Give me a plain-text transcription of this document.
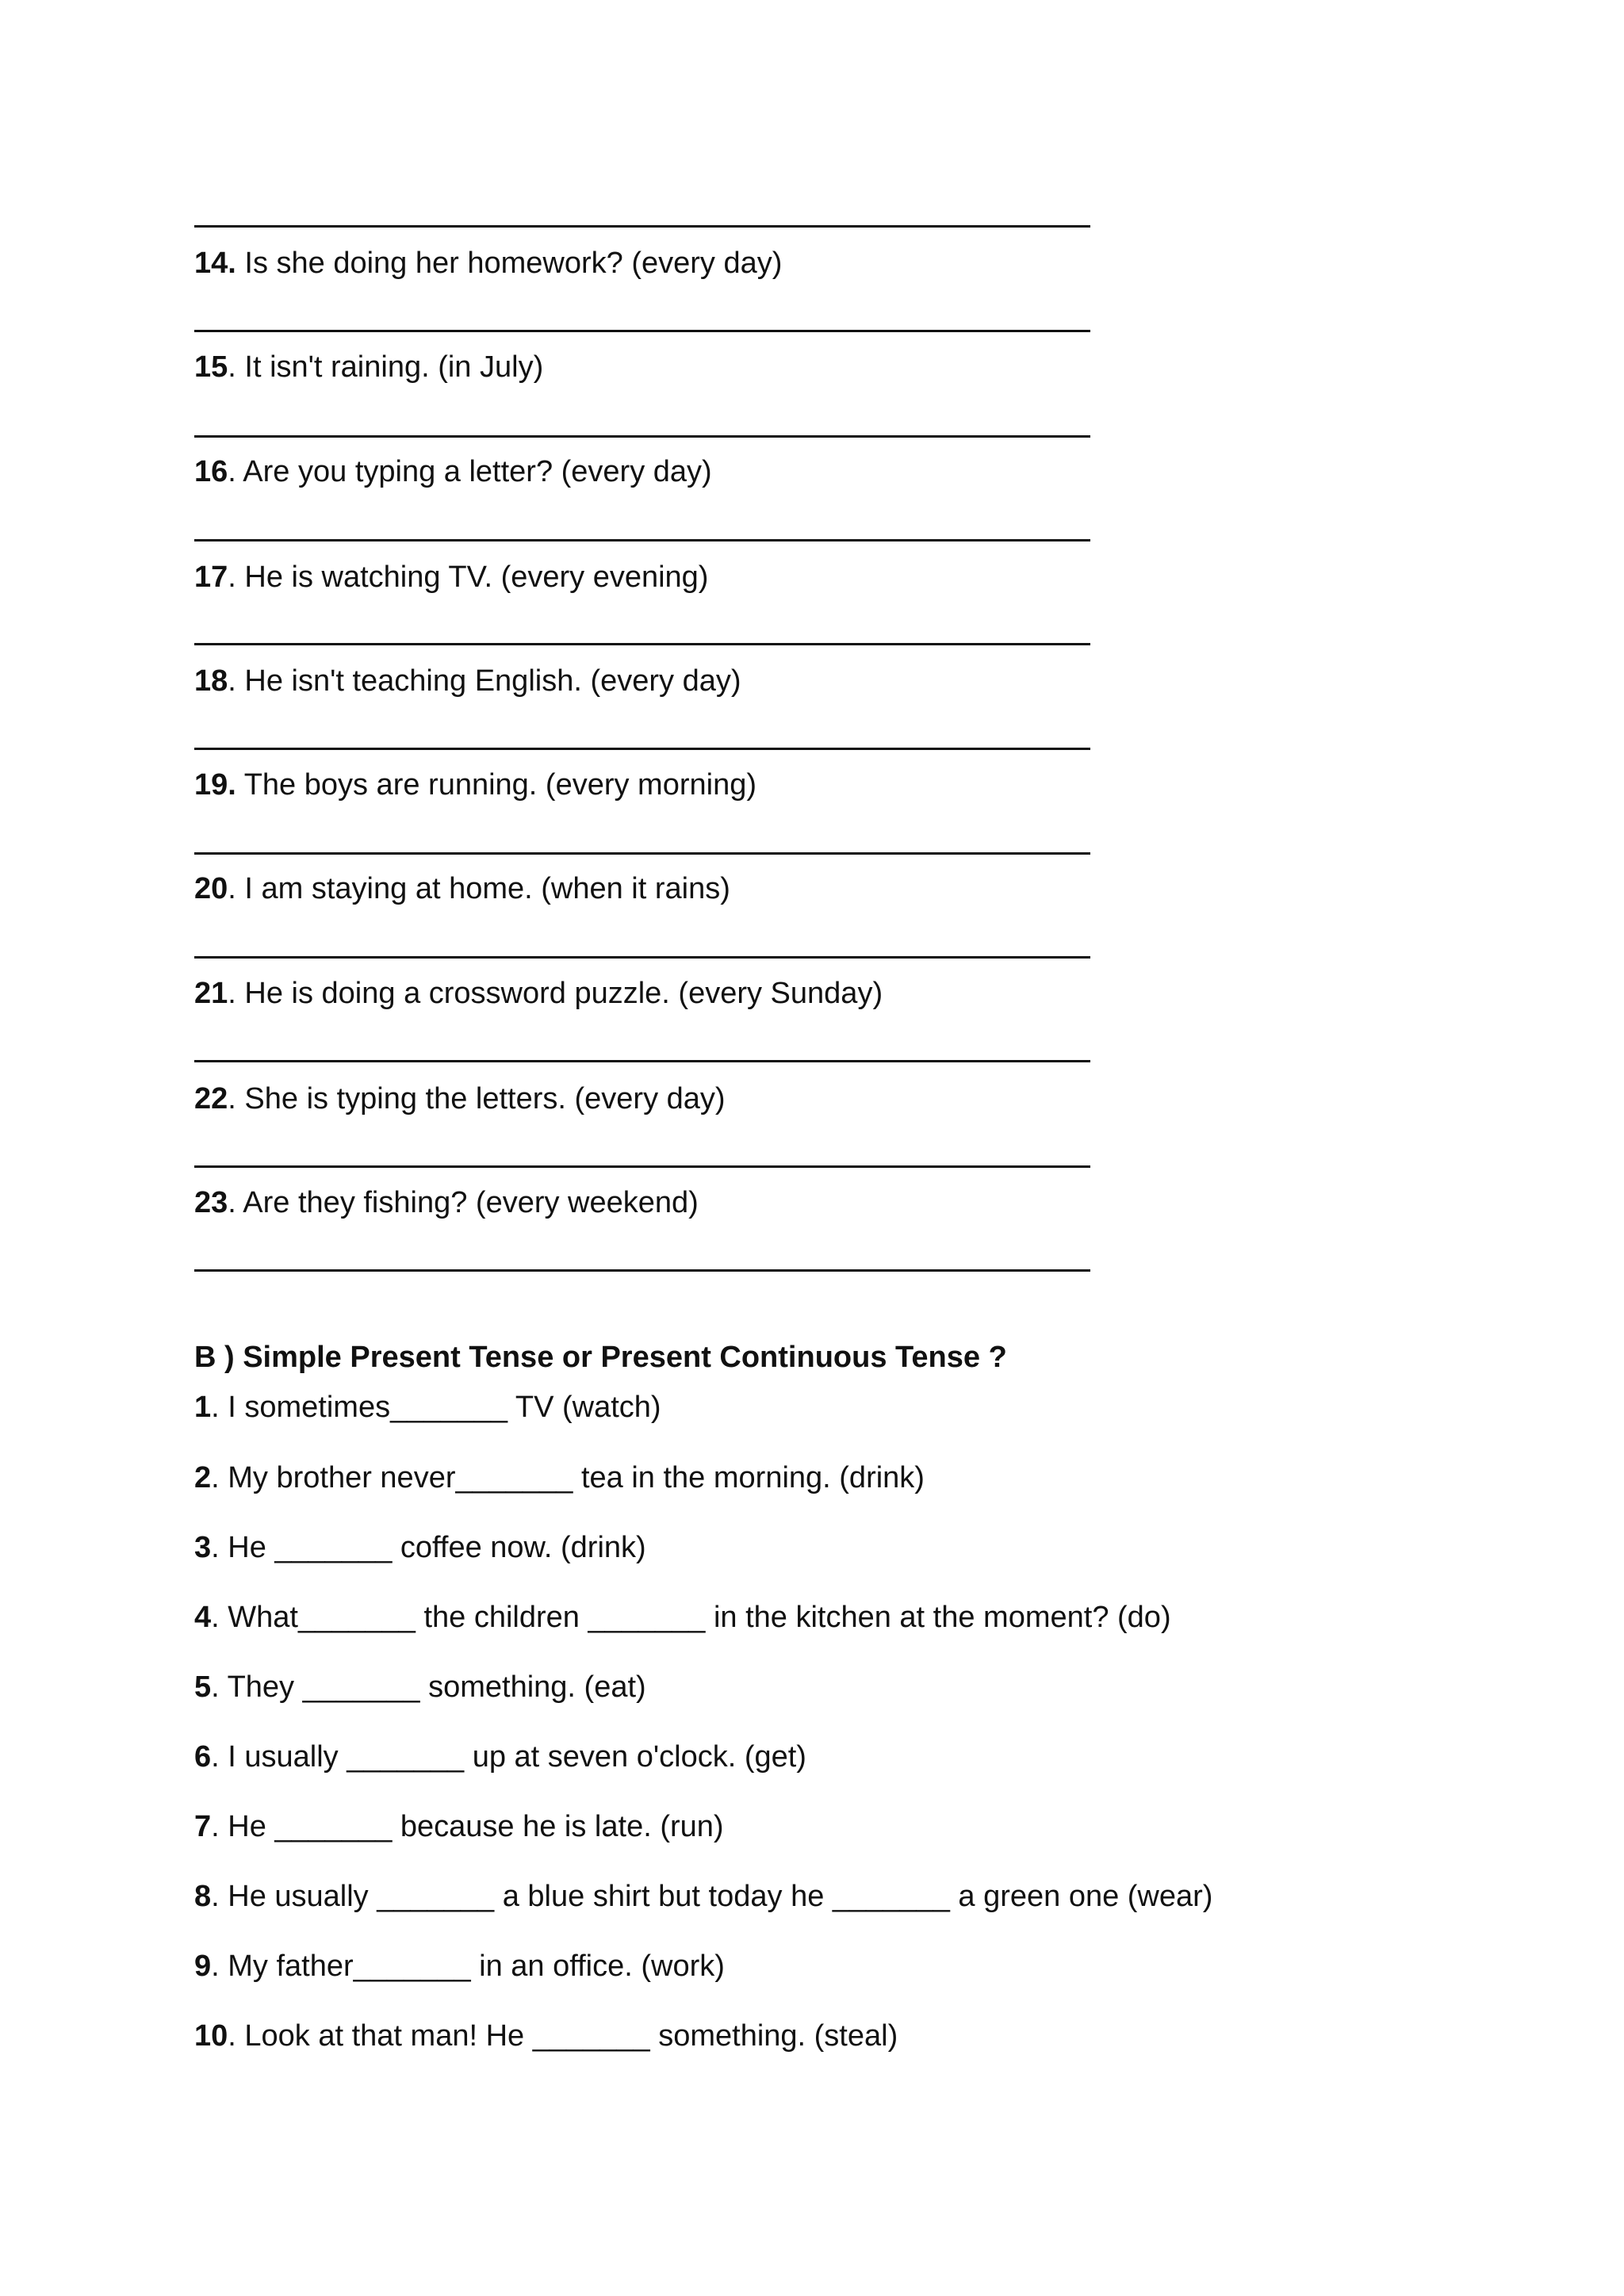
14. Is she doing her homework? (every day)
15. It isn't raining. (in July)
16. Are you typing a letter? (every day)
17. He is watching TV. (every evening)
18. He isn't teaching English. (every day)
19. The boys are running. (every morning)
20. I am staying at home. (when it rains)
21. He is doing a crossword puzzle. (every Sunday)
22. She is typing the letters. (every day)
23. Are they fishing? (every weekend)
B ) Simple Present Tense or Present Continuous Tense ?
1. I sometimes_______ TV (watch)
2. My brother never_______ tea in the morning. (drink)
3. He _______ coffee now. (drink)
4. What_______ the children _______ in the kitchen at the moment? (do)
5. They _______ something. (eat)
6. I usually _______ up at seven o'clock. (get)
7. He _______ because he is late. (run)
8. He usually _______ a blue shirt but today he _______ a green one (wear)
9. My father_______ in an office. (work)
10. Look at that man! He _______ something. (steal)
